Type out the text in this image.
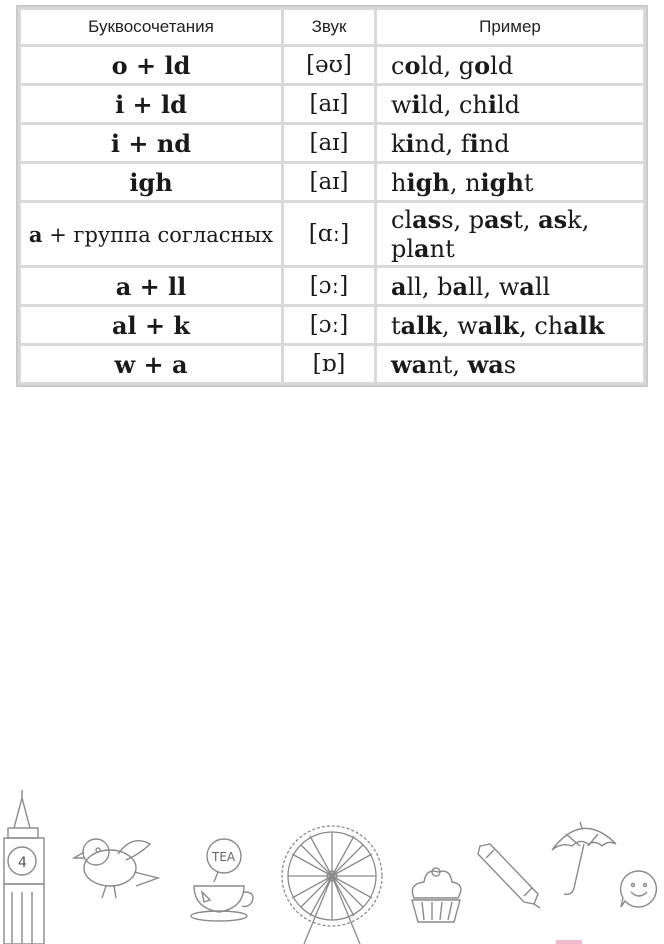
Буквосочетания	Звук	Пример
o + ld	[əʊ]	cold, gold
i + ld	[aɪ]	wild, child
i + nd	[aɪ]	kind, find
igh	[aɪ]	high, night
a + группа согласных	[ɑː]	class, past, ask, plant
a + ll	[ɔː]	all, ball, wall
al + k	[ɔː]	talk, walk, chalk
w + a	[ɒ]	want, was
4	TEA
